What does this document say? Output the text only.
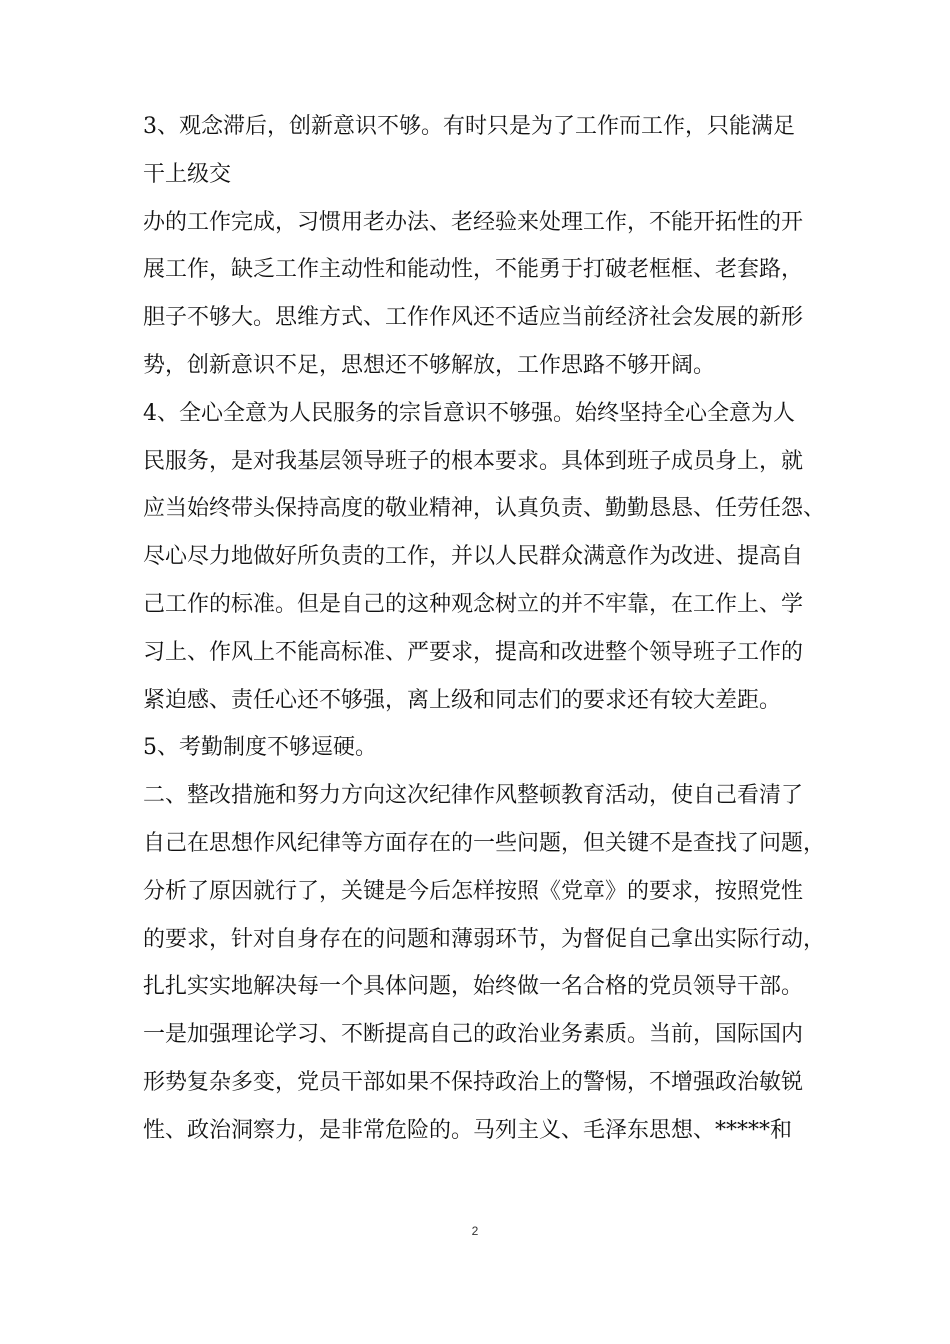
3、观念滞后，创新意识不够。有时只是为了工作而工作，只能满足
干上级交
办的工作完成，习惯用老办法、老经验来处理工作，不能开拓性的开
展工作，缺乏工作主动性和能动性，不能勇于打破老框框、老套路，
胆子不够大。思维方式、工作作风还不适应当前经济社会发展的新形
势，创新意识不足，思想还不够解放，工作思路不够开阔。
4、全心全意为人民服务的宗旨意识不够强。始终坚持全心全意为人
民服务，是对我基层领导班子的根本要求。具体到班子成员身上，就
应当始终带头保持高度的敬业精神，认真负责、勤勤恳恳、任劳任怨、
尽心尽力地做好所负责的工作，并以人民群众满意作为改进、提高自
己工作的标准。但是自己的这种观念树立的并不牢靠，在工作上、学
习上、作风上不能高标准、严要求，提高和改进整个领导班子工作的
紧迫感、责任心还不够强，离上级和同志们的要求还有较大差距。
5、考勤制度不够逗硬。
二、整改措施和努力方向这次纪律作风整顿教育活动，使自己看清了
自己在思想作风纪律等方面存在的一些问题，但关键不是查找了问题，
分析了原因就行了，关键是今后怎样按照《党章》的要求，按照党性
的要求，针对自身存在的问题和薄弱环节，为督促自己拿出实际行动，
扎扎实实地解决每一个具体问题，始终做一名合格的党员领导干部。
一是加强理论学习、不断提高自己的政治业务素质。当前，国际国内
形势复杂多变，党员干部如果不保持政治上的警惕，不增强政治敏锐
性、政治洞察力，是非常危险的。马列主义、毛泽东思想、*****和
2
